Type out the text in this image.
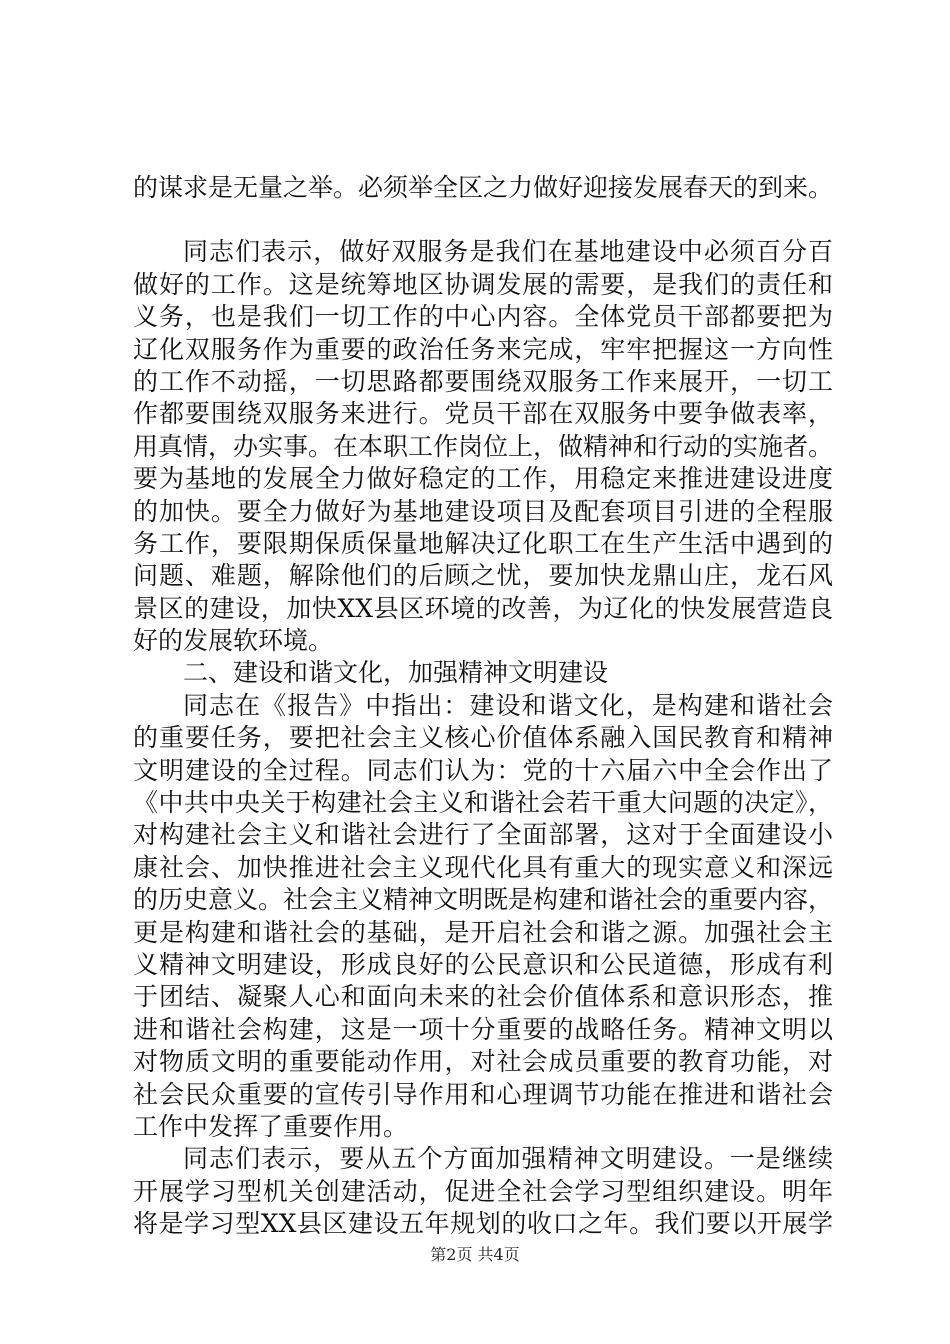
的谋求是无量之举。必须举全区之力做好迎接发展春天的到来。
同志们表示，做好双服务是我们在基地建设中必须百分百
做好的工作。这是统筹地区协调发展的需要，是我们的责任和
义务，也是我们一切工作的中心内容。全体党员干部都要把为
辽化双服务作为重要的政治任务来完成，牢牢把握这一方向性
的工作不动摇，一切思路都要围绕双服务工作来展开，一切工
作都要围绕双服务来进行。党员干部在双服务中要争做表率，
用真情，办实事。在本职工作岗位上，做精神和行动的实施者。
要为基地的发展全力做好稳定的工作，用稳定来推进建设进度
的加快。要全力做好为基地建设项目及配套项目引进的全程服
务工作，要限期保质保量地解决辽化职工在生产生活中遇到的
问题、难题，解除他们的后顾之忧，要加快龙鼎山庄，龙石风
景区的建设，加快XX县区环境的改善，为辽化的快发展营造良
好的发展软环境。
二、建设和谐文化，加强精神文明建设
同志在《报告》中指出：建设和谐文化，是构建和谐社会
的重要任务，要把社会主义核心价值体系融入国民教育和精神
文明建设的全过程。同志们认为：党的十六届六中全会作出了
《中共中央关于构建社会主义和谐社会若干重大问题的决定》，
对构建社会主义和谐社会进行了全面部署，这对于全面建设小
康社会、加快推进社会主义现代化具有重大的现实意义和深远
的历史意义。社会主义精神文明既是构建和谐社会的重要内容，
更是构建和谐社会的基础，是开启社会和谐之源。加强社会主
义精神文明建设，形成良好的公民意识和公民道德，形成有利
于团结、凝聚人心和面向未来的社会价值体系和意识形态，推
进和谐社会构建，这是一项十分重要的战略任务。精神文明以
对物质文明的重要能动作用，对社会成员重要的教育功能，对
社会民众重要的宣传引导作用和心理调节功能在推进和谐社会
工作中发挥了重要作用。
同志们表示，要从五个方面加强精神文明建设。一是继续
开展学习型机关创建活动，促进全社会学习型组织建设。明年
将是学习型XX县区建设五年规划的收口之年。我们要以开展学
第2页 共4页
